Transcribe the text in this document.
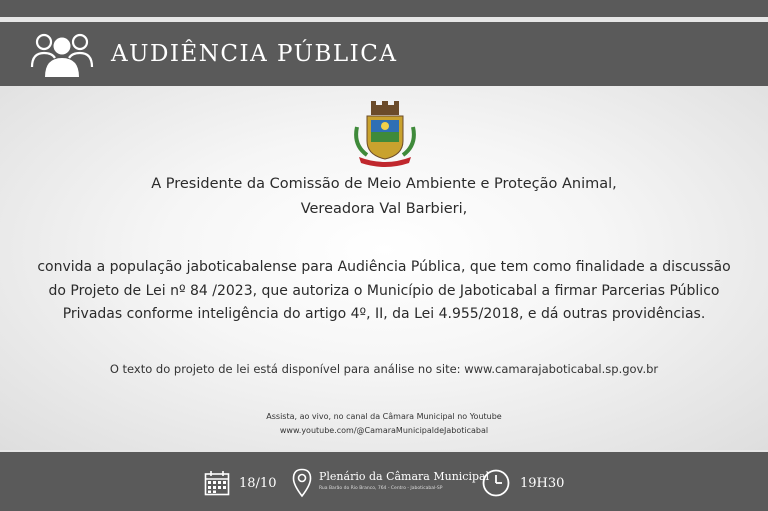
AUDIÊNCIA PÚBLICA
A Presidente da Comissão de Meio Ambiente e Proteção Animal,
Vereadora Val Barbieri,
convida a população jaboticabalense para Audiência Pública, que tem como finalidade a discussão
do Projeto de Lei nº 84 /2023, que autoriza o Município de Jaboticabal a firmar Parcerias Público
Privadas conforme inteligência do artigo 4º, II, da Lei 4.955/2018, e dá outras providências.
O texto do projeto de lei está disponível para análise no site: www.camarajaboticabal.sp.gov.br
Assista, ao vivo, no canal da Câmara Municipal no Youtube
www.youtube.com/@CamaraMunicipaldeJaboticabal
18/10	Plenário da Câmara Municipal
Rua Barão do Rio Branco, 764 - Centro - Jaboticabal-SP	19H30
